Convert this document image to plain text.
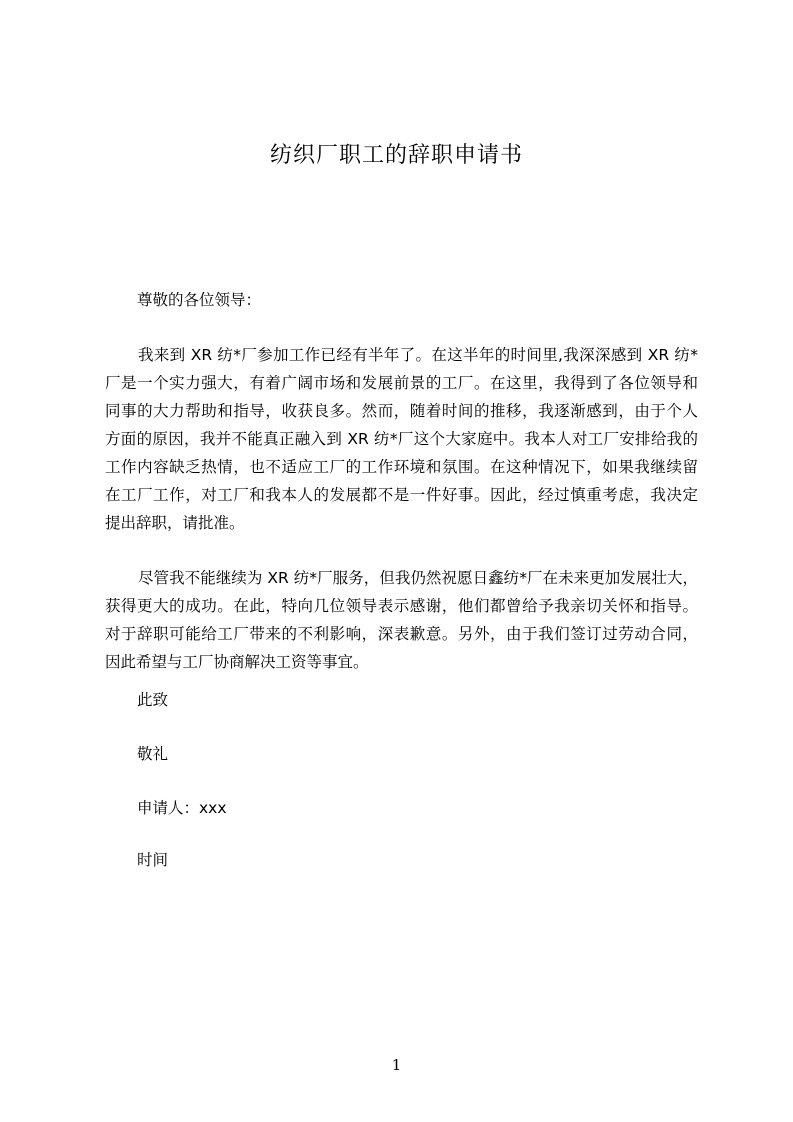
纺织厂职工的辞职申请书
尊敬的各位领导：
我来到 XR 纺*厂参加工作已经有半年了。在这半年的时间里,我深深感到 XR 纺*
厂是一个实力强大，有着广阔市场和发展前景的工厂。在这里，我得到了各位领导和
同事的大力帮助和指导，收获良多。然而，随着时间的推移，我逐渐感到，由于个人
方面的原因，我并不能真正融入到 XR 纺*厂这个大家庭中。我本人对工厂安排给我的
工作内容缺乏热情，也不适应工厂的工作环境和氛围。在这种情况下，如果我继续留
在工厂工作，对工厂和我本人的发展都不是一件好事。因此，经过慎重考虑，我决定
提出辞职，请批准。
尽管我不能继续为 XR 纺*厂服务，但我仍然祝愿日鑫纺*厂在未来更加发展壮大，
获得更大的成功。在此，特向几位领导表示感谢，他们都曾给予我亲切关怀和指导。
对于辞职可能给工厂带来的不利影响，深表歉意。另外，由于我们签订过劳动合同，
因此希望与工厂协商解决工资等事宜。
此致
敬礼
申请人：xxx
时间
1
